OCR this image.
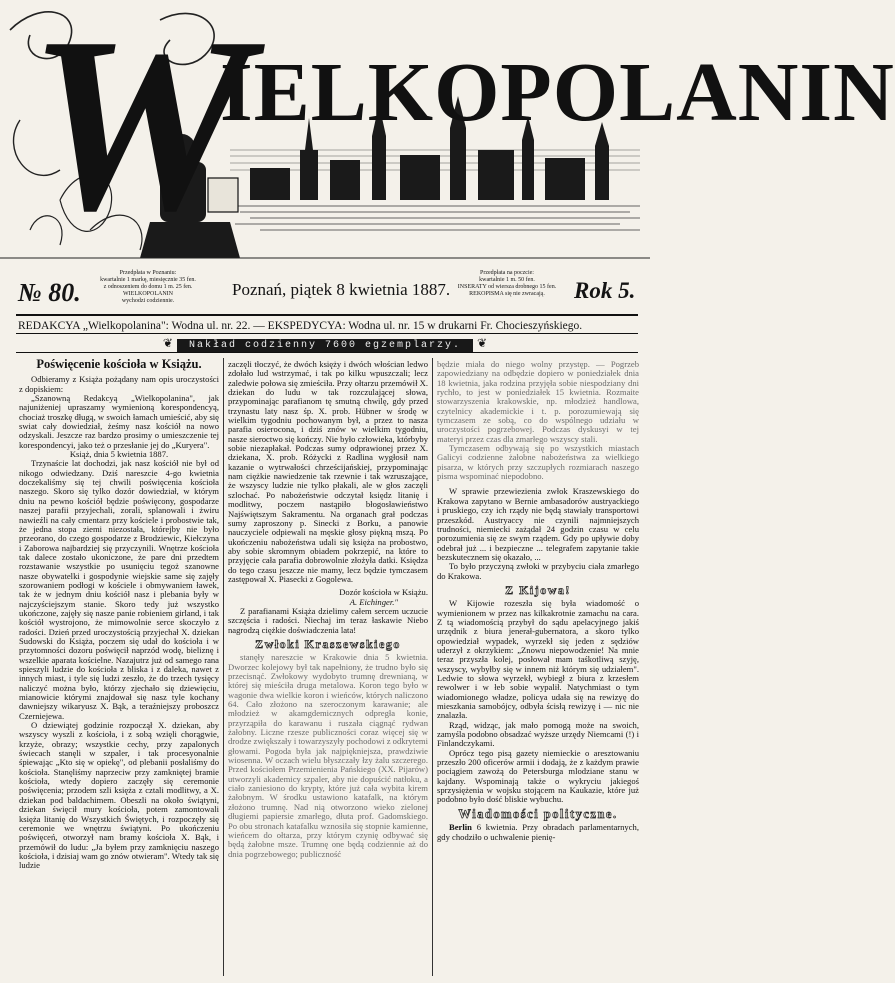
W
IELKOPOLANIN
№ 80.
Przedpłata w Poznaniu:
kwartalnie 1 markę, miesięcznie 35 fen.
z odnoszeniem do domu 1 m. 25 fen.
WIELKOPOLANIN
wychodzi codziennie.
Poznań, piątek 8 kwietnia 1887.
Przedpłata na poczcie:
kwartalnie 1 m. 50 fen.
INSERATY od wiersza drobnego 15 fen.
REKOPISMA się nie zwracają.	Rok 5.
REDAKCYA „Wielkopolanina": Wodna ul. nr. 22. — EKSPEDYCYA: Wodna ul. nr. 15 w drukarni Fr. Chocieszyńskiego.
❦ Nakład codzienny 7600 egzemplarzy. ❦
Poświęcenie kościoła w Książu.

Odbieramy z Książa pożądany nam opis uroczystości z dopiskiem:

„Szanowną Redakcyą „Wielkopolanina", jak najuniżeniej upraszamy wymienioną korespondencyą, chociaż troszkę długą, w swoich łamach umieścić, aby się swiat cały dowiedział, żeśmy nasz kościół na nowo odzyskali. Jeszcze raz bardzo prosimy o umieszczenie tej korespondencyi, jako też o przesłanie jej do „Kuryera".

Książ, dnia 5 kwietnia 1887.

Trzynaście lat dochodzi, jak nasz kościół nie był od nikogo odwiedzany. Dziś nareszcie 4-go kwietnia doczekaliśmy się tej chwili poświęcenia kościoła naszego. Skoro się tylko dozór dowiedział, w którym dniu na pewno kościół będzie poświęcony, gospodarze naszej parafii przyjechali, zorali, splanowali i żwiru nawieźli na cały cmentarz przy kościele i probostwie tak, że jedna stopa ziemi niezostała, którejby nie było przeorano, do czego gospodarze z Brodziewic, Kiełczyna i Zaborowa najbardziej się przyczynili. Wnętrze kościoła tak dalece zostało ukoniczone, że pare dni przedtem rozstawanie wszystkie po usunięciu tegoż szanowne nasze obywatelki i gospodynie wiejskie same się zajęły szorowaniem podłogi w kościele i obmywaniem ławek, tak że w jednym dniu kościół nasz i plebania były w najczyściejszym stanie. Skoro tedy już wszystko ukończone, zajęły się nasze panie robieniem girland, i tak kościół wystrojono, że mimowolnie serce skoczyło z radości. Dzień przed uroczystością przyjechał X. dziekan Sudowski do Książa, poczem się udał do kościoła i w przytomności dozoru poświęcił naprzód wodę, bieliznę i wszelkie aparata kościelne. Nazajutrz już od samego rana spieszyli ludzie do kościoła z bliska i z daleka, nawet z innych miast, i tyle się ludzi zeszło, że do trzech tysięcy naliczyć można było, którzy zjechało się dziewięciu, mianowicie którymi znajdował się nasz tyle kochany dawniejszy wikaryusz X. Bąk, a teraźniejszy proboszcz Czerniejewa.

O dziewiątej godzinie rozpoczął X. dziekan, aby wszyscy wyszli z kościoła, i z sobą wzięli chorągwie, krzyże, obrazy; wszystkie cechy, przy zapalonych świecach stanęli w szpaler, i tak procesyonalnie śpiewając „Kto się w opiekę", od plebanii posłaliśmy do kościoła. Stanęliśmy naprzeciw przy zamkniętej bramie kościoła, wtedy dopiero zaczęły się ceremonie poświęcenia; przodem szli księża z cztali modlitwy, a X. dziekan pod baldachimem. Obeszli na około świątyni, dziekan święcił mury kościoła, potem zamontowali księża litanię do Wszystkich Świętych, i rozpoczęły się ceremonie we wnętrzu świątyni. Po ukończeniu poświęceń, otworzył nam bramy kościoła X. Bąk, i przemówił do ludu: „Ja byłem przy zamknięciu naszego kościoła, i dzisiaj wam go znów otwieram". Wtedy tak się ludzie

zaczęli tłoczyć, że dwóch księży i dwóch włościan ledwo zdołało lud wstrzymać, i tak po kilku wpuszczali; lecz zaledwie połowa się zmieściła. Przy ołtarzu przemówił X. dziekan do ludu w tak rozczulającej słowa, przypominając parafianom tę smutną chwilę, gdy przed trzynastu laty nasz śp. X. prob. Hübner w środę w wielkim tygodniu pochowanym był, a przez to nasza parafia osierocona, i dziś znów w wielkim tygodniu, nasze sieroctwo się kończy. Nie było człowieka, którbyby sobie niezapłakał. Podczas sumy odprawionej przez X. dziekana, X. prob. Różycki z Radlina wygłosił nam kazanie o wytrwałości chrześcijańskiej, przypominając nam ciężkie nawiedzenie tak rzewnie i tak wzruszające, że wszyscy ludzie nie tylko płakali, ale w głos zaczęli szlochać. Po nabożeństwie odczytał księdz litanię i modlitwy, poczem nastąpiło błogosławieństwo Najświętszym Sakramentu. Na organach grał podczas sumy zaproszony p. Sinecki z Borku, a panowie nauczyciele odpiewali na męskie głosy piękną mszą. Po ukończeniu nabożeństwa udali się księża na probostwo, aby sobie skromnym obiadem pokrzepić, na które to przyjęcie cała parafia dobrowolnie złożyła datki. Księdza do tego czasu jeszcze nie mamy, lecz będzie tymczasem zastępował X. Piasecki z Gogolewa.

Dozór kościoła w Książu.

A. Eichinger."

Z parafianami Książa dzielimy całem sercem uczucie szczęścia i radości. Niechaj im teraz łaskawie Niebo nagrodzą ciężkie doświadczenia lata!

Zwłoki Kraszewskiego

stanęły nareszcie w Krakowie dnia 5 kwietnia. Dworzec kolejowy był tak napełniony, że trudno było się przecisnąć. Zwłokowy wydobyto trumnę drewnianą, w której się mieściła druga metalowa. Koron tego było w wagonie dwa wielkie koron i wieńców, których naliczono 64. Cało złożono na szeroczonym karawanie; ale młodzież w akamgdemicznych odpregła konie, przyrząpiła do karawanu i ruszała ciągnąć rydwan żałobny. Liczne rzesze publiczności coraz więcej się w drodze zwiększały i towarzyszyły pochodowi z odkrytemi głowami. Pogoda była jak najpiękniejsza, prawdziwie wiosenna. W oczach wielu błyszczały łzy żalu szczerego. Przed kościołem Przemienienia Pańskiego (XX. Pijarów) utworzyli akademicy szpaler, aby nie dopuścić natłoku, a ciało zaniesiono do krypty, które już cała wybita kirem żałobnym. W środku ustawiono katafalk, na którym złożono trumnę. Nad nią otworzono wieko zielonej długiemi papiersie zmarłego, dłuta prof. Gadomskiego. Po obu stronach katafalku wznosiła się stopnie kamienne, wieńcem do ołtarza, przy którym czynię odbywać się będą żałobne msze. Trumnę one będą codziennie aż do dnia pogrzebowego; publiczność

będzie miała do niego wolny przystęp. — Pogrzeb zapowiedziany na odbędzie dopiero w poniedziałek dnia 18 kwietnia, jaka rodzina przyjęła sobie niespodziany dni rychło, to jest w poniedziałek 15 kwietnia. Rozmaite stowarzyszenia krakowskie, np. młodzież handlowa, czytelnicy akademickie i t. p. porozumiewają się tymczasem ze sobą, co do wspólnego udziału w uroczystości pogrzebowej. Podczas dyskusyi w tej materyi przez czas dla zmarłego wszyscy stali.

Tymczasem odbywają się po wszystkich miastach Galicyi codzienne żałobne nabożeństwa za wielkiego pisarza, w których przy szczupłych rozmiarach naszego pisma wspominać niepodobno.

W sprawie przewiezienia zwłok Kraszewskiego do Krakowa zapytano w Bernie ambasadorów austryackiego i pruskiego, czy ich rządy nie będą stawiały transportowi przeszkód. Austryaccy nie czynili najmniejszych trudności, niemiecki zażądał 24 godzin czasu w celu porozumienia się ze swym rządem. Gdy po upływie doby odebrał już ... i bezpieczne ... telegrafem zapytanie takie bezskutecznem się okazało, ...

To było przyczyną zwłoki w przybyciu ciała zmarłego do Krakowa.

Z Kijowa!

W Kijowie rozeszła się była wiadomość o wymienionem w przez nas kilkakrotnie zamachu na cara. Z tą wiadomością przybył do sądu apelacyjnego jakiś urzędnik z biura jenerał-gubernatora, a skoro tylko opowiedział wypadek, wyrzekł się jeden z sędziów uderzył z okrzykiem: „Znowu niepowodzenie! Na mnie teraz przyszła kolej, posłował mam taśkotliwą szyję, wszyscy, wybyłby się w innem niż którym się udziałem". Ledwie to słowa wyrzekł, wybiegł z biura z krzesłem rewolwer i w łeb sobie wypalił. Natychmiast o tym wiadomionego władze, policya udała się na rewizyę do mieszkania samobójcy, odbyła ścisłą rewizyę i — nic nie znalazła.

Rząd, widząc, jak mało pomogą może na swoich, zamyśla podobno obsadzać wyższe urzędy Niemcami (!) i Finlandczykami.

Oprócz tego pisą gazety niemieckie o aresztowaniu przeszło 200 oficerów armii i dodają, że z każdym prawie pociągiem zawożą do Petersburga mlodziane stanu w kajdany. Wspominają także o wykryciu jakiegoś sprzysiężenia w wojsku stojącem na Kaukazie, które już podobno było dość bliskie wybuchu.

Wiadomości polityczne.

Berlin 6 kwietnia. Przy obradach parlamentarnych, gdy chodziło o uchwalenie pienię-
